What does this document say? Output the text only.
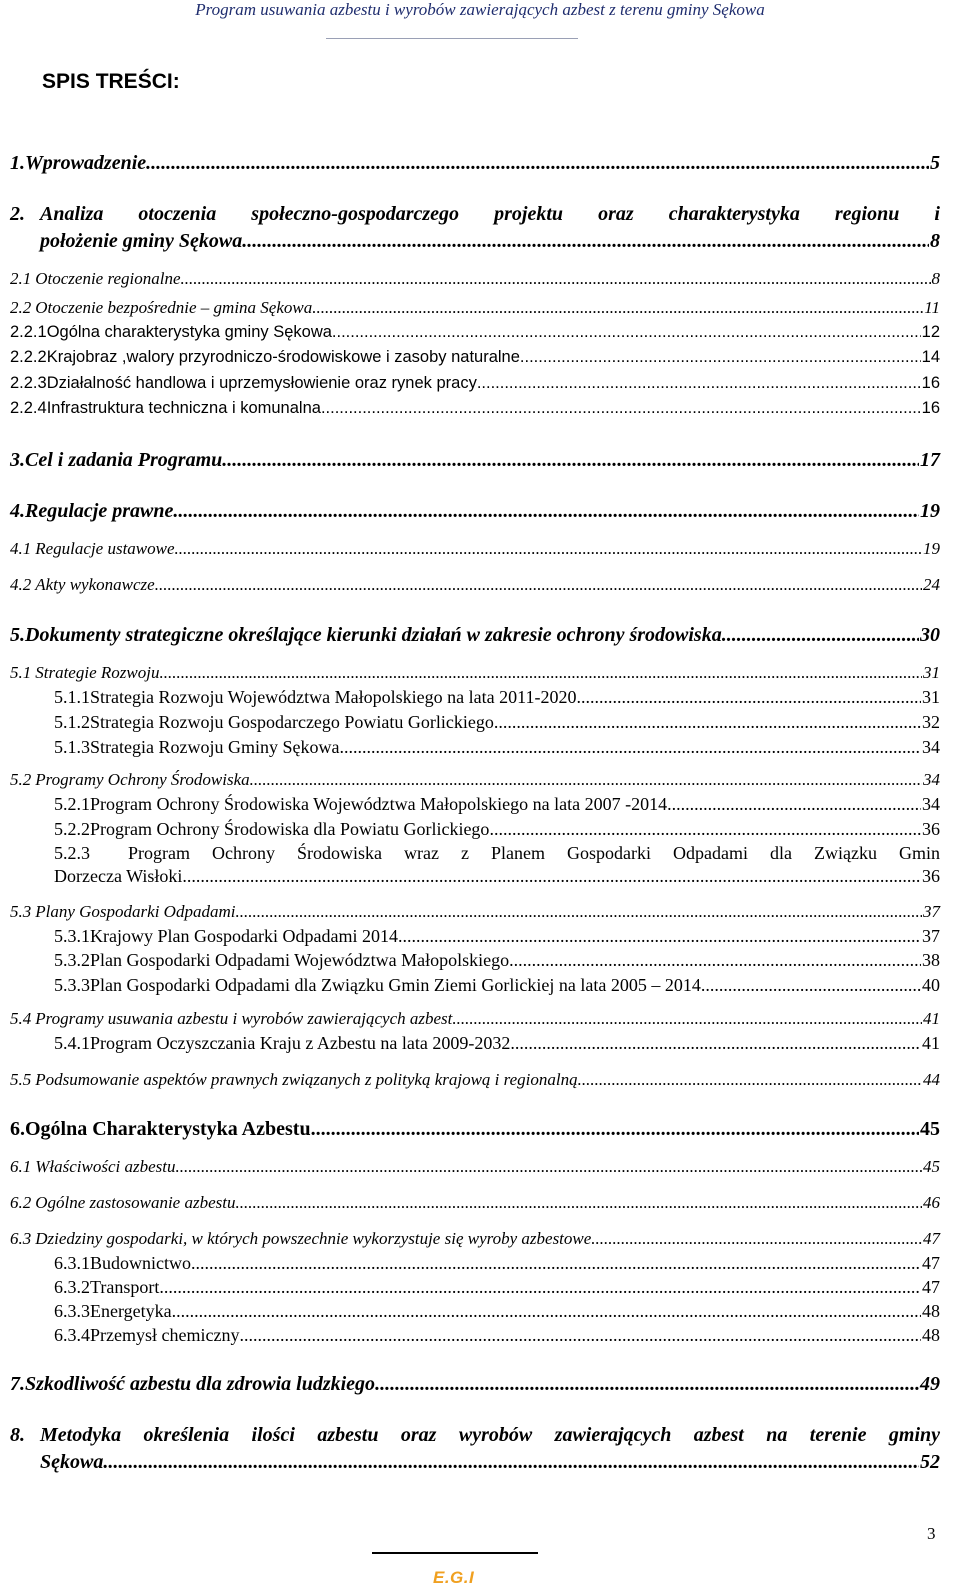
Program usuwania azbestu i wyrobów zawierających azbest z terenu gminy Sękowa
SPIS TREŚCI:
1. Wprowadzenie .....	5
2. Analiza otoczenia społeczno-gospodarczego projektu oraz charakterystyka regionu i
położenie gminy Sękowa .....	8
2.1 Otoczenie regionalne .....	8
2.2 Otoczenie bezpośrednie – gmina Sękowa .....	11
2.2.1 Ogólna charakterystyka gminy Sękowa .....	12
2.2.2 Krajobraz ,walory przyrodniczo-środowiskowe i zasoby naturalne .....	14
2.2.3 Działalność handlowa i uprzemysłowienie oraz rynek pracy .....	16
2.2.4 Infrastruktura techniczna i komunalna .....	16
3. Cel i zadania Programu .....	17
4. Regulacje prawne .....	19
4.1 Regulacje ustawowe .....	19
4.2 Akty wykonawcze .....	24
5. Dokumenty strategiczne określające kierunki działań w zakresie ochrony środowiska .....	30
5.1 Strategie Rozwoju .....	31
5.1.1 Strategia Rozwoju Województwa Małopolskiego na lata 2011-2020 .....	31
5.1.2 Strategia Rozwoju Gospodarczego Powiatu Gorlickiego .....	32
5.1.3 Strategia Rozwoju Gminy Sękowa .....	34
5.2 Programy Ochrony Środowiska .....	34
5.2.1 Program Ochrony Środowiska Województwa Małopolskiego na lata 2007 -2014 .....	34
5.2.2 Program Ochrony Środowiska dla Powiatu Gorlickiego .....	36
5.2.3	Program Ochrony Środowiska wraz z Planem Gospodarki Odpadami dla Związku Gmin
Dorzecza Wisłoki .....	36
5.3 Plany Gospodarki Odpadami .....	37
5.3.1 Krajowy Plan Gospodarki Odpadami 2014 .....	37
5.3.2 Plan Gospodarki Odpadami Województwa Małopolskiego .....	38
5.3.3 Plan Gospodarki Odpadami dla Związku Gmin Ziemi Gorlickiej na lata 2005 – 2014 .....	40
5.4 Programy usuwania azbestu i wyrobów zawierających azbest .....	41
5.4.1 Program Oczyszczania Kraju z Azbestu na lata 2009-2032 .....	41
5.5 Podsumowanie aspektów prawnych związanych z polityką krajową i regionalną .....	44
6. Ogólna Charakterystyka Azbestu .....	45
6.1 Właściwości azbestu .....	45
6.2 Ogólne zastosowanie azbestu .....	46
6.3 Dziedziny gospodarki, w których powszechnie wykorzystuje się wyroby azbestowe .....	47
6.3.1 Budownictwo .....	47
6.3.2 Transport .....	47
6.3.3 Energetyka .....	48
6.3.4 Przemysł chemiczny .....	48
7. Szkodliwość azbestu dla zdrowia ludzkiego .....	49
8. Metodyka określenia ilości azbestu oraz wyrobów zawierających azbest na terenie gminy
Sękowa .....	52
E.G.I
3
